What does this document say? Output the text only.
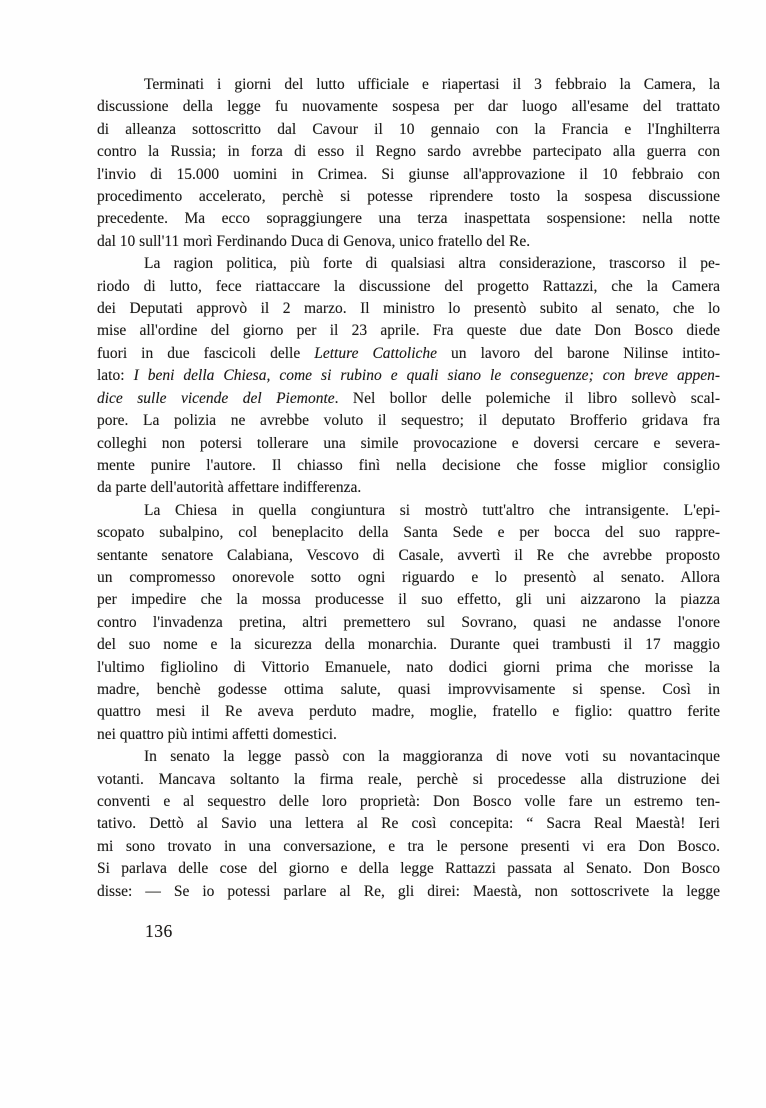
Terminati i giorni del lutto ufficiale e riapertasi il 3 febbraio la Camera, la
discussione della legge fu nuovamente sospesa per dar luogo all'esame del trattato
di alleanza sottoscritto dal Cavour il 10 gennaio con la Francia e l'Inghilterra
contro la Russia; in forza di esso il Regno sardo avrebbe partecipato alla guerra con
l'invio di 15.000 uomini in Crimea. Si giunse all'approvazione il 10 febbraio con
procedimento accelerato, perchè si potesse riprendere tosto la sospesa discussione
precedente. Ma ecco sopraggiungere una terza inaspettata sospensione: nella notte
dal 10 sull'11 morì Ferdinando Duca di Genova, unico fratello del Re.
La ragion politica, più forte di qualsiasi altra considerazione, trascorso il pe-
riodo di lutto, fece riattaccare la discussione del progetto Rattazzi, che la Camera
dei Deputati approvò il 2 marzo. Il ministro lo presentò subito al senato, che lo
mise all'ordine del giorno per il 23 aprile. Fra queste due date Don Bosco diede
fuori in due fascicoli delle Letture Cattoliche un lavoro del barone Nilinse intito-
lato: I beni della Chiesa, come si rubino e quali siano le conseguenze; con breve appen-
dice sulle vicende del Piemonte. Nel bollor delle polemiche il libro sollevò scal-
pore. La polizia ne avrebbe voluto il sequestro; il deputato Brofferio gridava fra
colleghi non potersi tollerare una simile provocazione e doversi cercare e severa-
mente punire l'autore. Il chiasso finì nella decisione che fosse miglior consiglio
da parte dell'autorità affettare indifferenza.
La Chiesa in quella congiuntura si mostrò tutt'altro che intransigente. L'epi-
scopato subalpino, col beneplacito della Santa Sede e per bocca del suo rappre-
sentante senatore Calabiana, Vescovo di Casale, avvertì il Re che avrebbe proposto
un compromesso onorevole sotto ogni riguardo e lo presentò al senato. Allora
per impedire che la mossa producesse il suo effetto, gli uni aizzarono la piazza
contro l'invadenza pretina, altri premettero sul Sovrano, quasi ne andasse l'onore
del suo nome e la sicurezza della monarchia. Durante quei trambusti il 17 maggio
l'ultimo figliolino di Vittorio Emanuele, nato dodici giorni prima che morisse la
madre, benchè godesse ottima salute, quasi improvvisamente si spense. Così in
quattro mesi il Re aveva perduto madre, moglie, fratello e figlio: quattro ferite
nei quattro più intimi affetti domestici.
In senato la legge passò con la maggioranza di nove voti su novantacinque
votanti. Mancava soltanto la firma reale, perchè si procedesse alla distruzione dei
conventi e al sequestro delle loro proprietà: Don Bosco volle fare un estremo ten-
tativo. Dettò al Savio una lettera al Re così concepita: “ Sacra Real Maestà! Ieri
mi sono trovato in una conversazione, e tra le persone presenti vi era Don Bosco.
Si parlava delle cose del giorno e della legge Rattazzi passata al Senato. Don Bosco
disse: — Se io potessi parlare al Re, gli direi: Maestà, non sottoscrivete la legge
136
